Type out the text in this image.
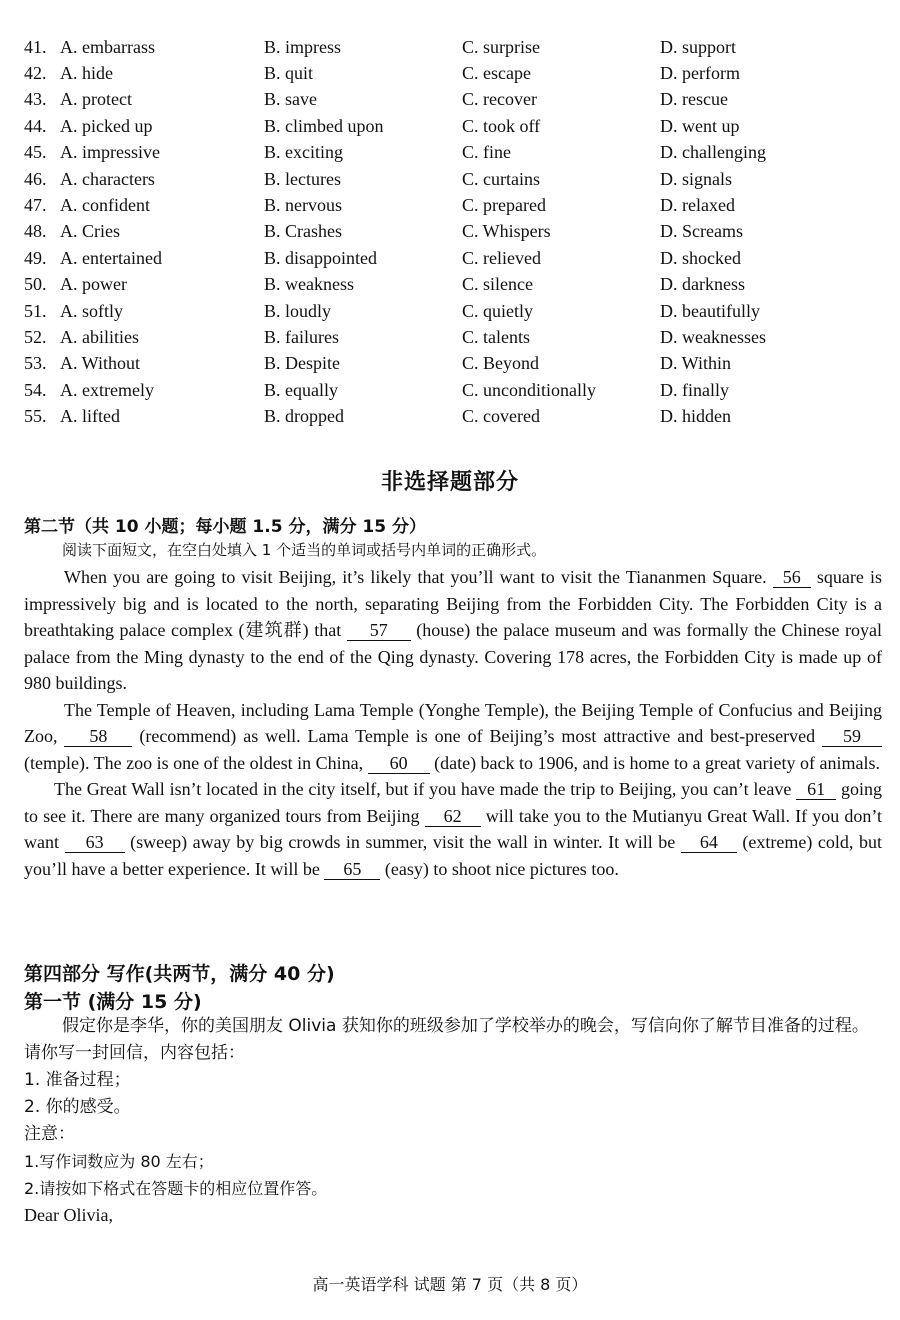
41. A. embarrass	B. impress	C. surprise	D. support
42. A. hide	B. quit	C. escape	D. perform
43. A. protect	B. save	C. recover	D. rescue
44. A. picked up	B. climbed upon	C. took off	D. went up
45. A. impressive	B. exciting	C. fine	D. challenging
46. A. characters	B. lectures	C. curtains	D. signals
47. A. confident	B. nervous	C. prepared	D. relaxed
48. A. Cries	B. Crashes	C. Whispers	D. Screams
49. A. entertained	B. disappointed	C. relieved	D. shocked
50. A. power	B. weakness	C. silence	D. darkness
51. A. softly	B. loudly	C. quietly	D. beautifully
52. A. abilities	B. failures	C. talents	D. weaknesses
53. A. Without	B. Despite	C. Beyond	D. Within
54. A. extremely	B. equally	C. unconditionally	D. finally
55. A. lifted	B. dropped	C. covered	D. hidden
非选择题部分
第二节（共 10 小题；每小题 1.5 分，满分 15 分）
阅读下面短文，在空白处填入 1 个适当的单词或括号内单词的正确形式。

When you are going to visit Beijing, it’s likely that you’ll want to visit the Tiananmen Square. 56 square is impressively big and is located to the north, separating Beijing from the Forbidden City. The Forbidden City is a breathtaking palace complex (建筑群) that 57 (house) the palace museum and was formally the Chinese royal palace from the Ming dynasty to the end of the Qing dynasty. Covering 178 acres, the Forbidden City is made up of 980 buildings.

The Temple of Heaven, including Lama Temple (Yonghe Temple), the Beijing Temple of Confucius and Beijing Zoo, 58 (recommend) as well. Lama Temple is one of Beijing’s most attractive and best-preserved 59 (temple). The zoo is one of the oldest in China, 60 (date) back to 1906, and is home to a great variety of animals.

The Great Wall isn’t located in the city itself, but if you have made the trip to Beijing, you can’t leave 61 going to see it. There are many organized tours from Beijing 62 will take you to the Mutianyu Great Wall. If you don’t want 63 (sweep) away by big crowds in summer, visit the wall in winter. It will be 64 (extreme) cold, but you’ll have a better experience. It will be 65 (easy) to shoot nice pictures too.

第四部分 写作(共两节，满分 40 分)
第一节 (满分 15 分)
假定你是李华，你的美国朋友 Olivia 获知你的班级参加了学校举办的晚会，写信向你了解节目准备的过程。请你写一封回信，内容包括：
1. 准备过程；
2. 你的感受。
注意：
1.写作词数应为 80 左右；
2.请按如下格式在答题卡的相应位置作答。
Dear Olivia,
高一英语学科 试题 第 7 页（共 8 页）
